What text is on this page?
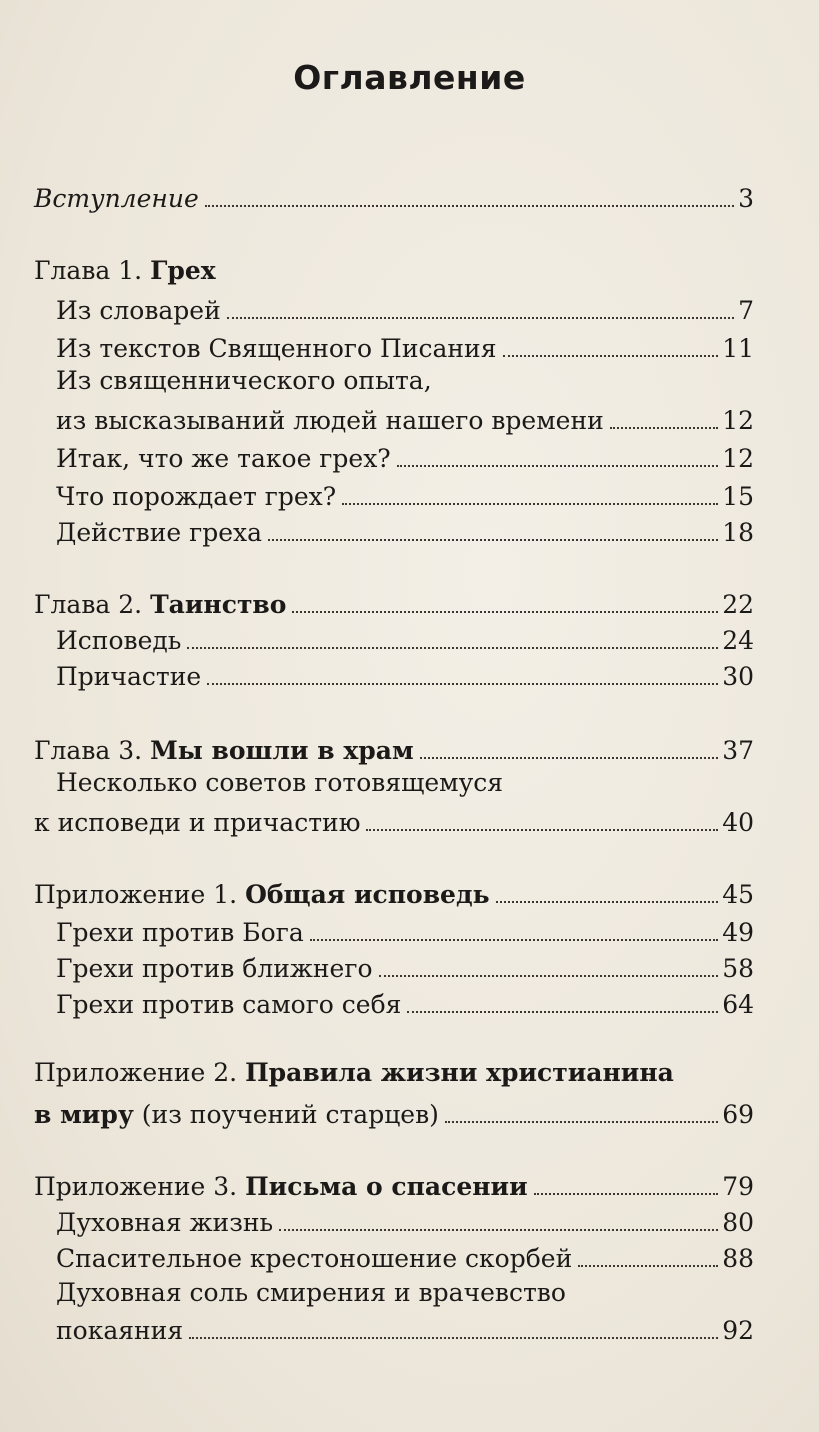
Оглавление
Вступление	3
Глава 1. Грех
Из словарей	7
Из текстов Священного Писания	11
Из священнического опыта,
из высказываний людей нашего времени	12
Итак, что же такое грех?	12
Что порождает грех?	15
Действие греха	18
Глава 2. Таинство	22
Исповедь	24
Причастие	30
Глава 3. Мы вошли в храм	37
Несколько советов готовящемуся
к исповеди и причастию	40
Приложение 1. Общая исповедь	45
Грехи против Бога	49
Грехи против ближнего	58
Грехи против самого себя	64
Приложение 2. Правила жизни христианина
в миру (из поучений старцев)	69
Приложение 3. Письма о спасении	79
Духовная жизнь	80
Спасительное крестоношение скорбей	88
Духовная соль смирения и врачевство
покаяния	92
